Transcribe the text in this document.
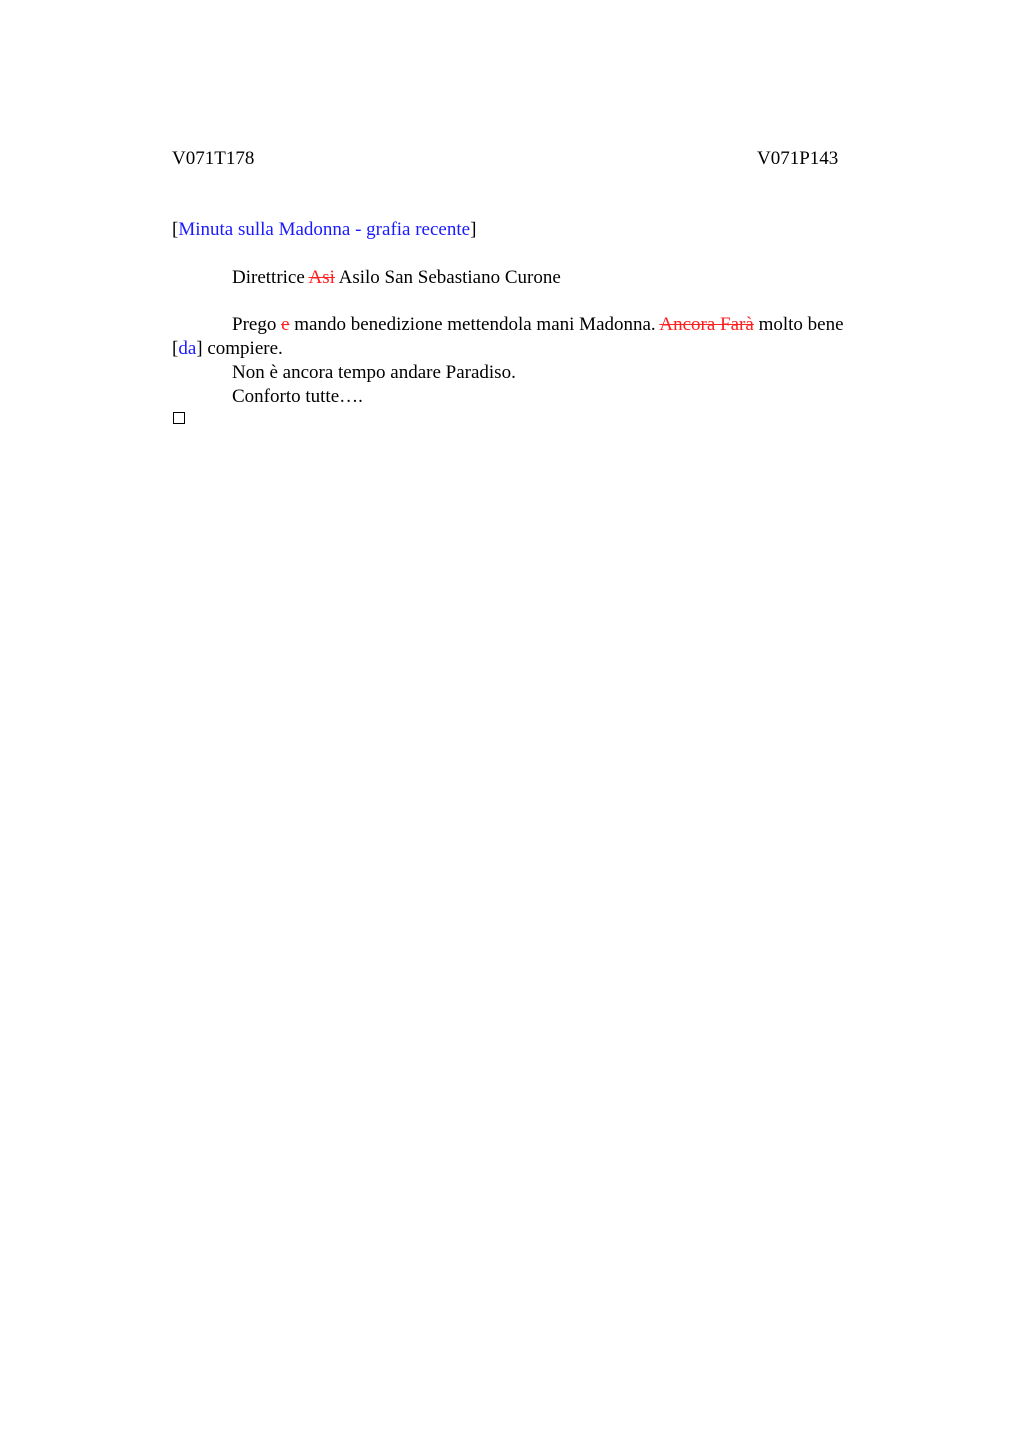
V071T178	V071P143
[Minuta sulla Madonna - grafia recente]
Direttrice Asi Asilo San Sebastiano Curone
Prego e mando benedizione mettendola mani Madonna. Ancora Farà molto bene
[da] compiere.
Non è ancora tempo andare Paradiso.
Conforto tutte….
